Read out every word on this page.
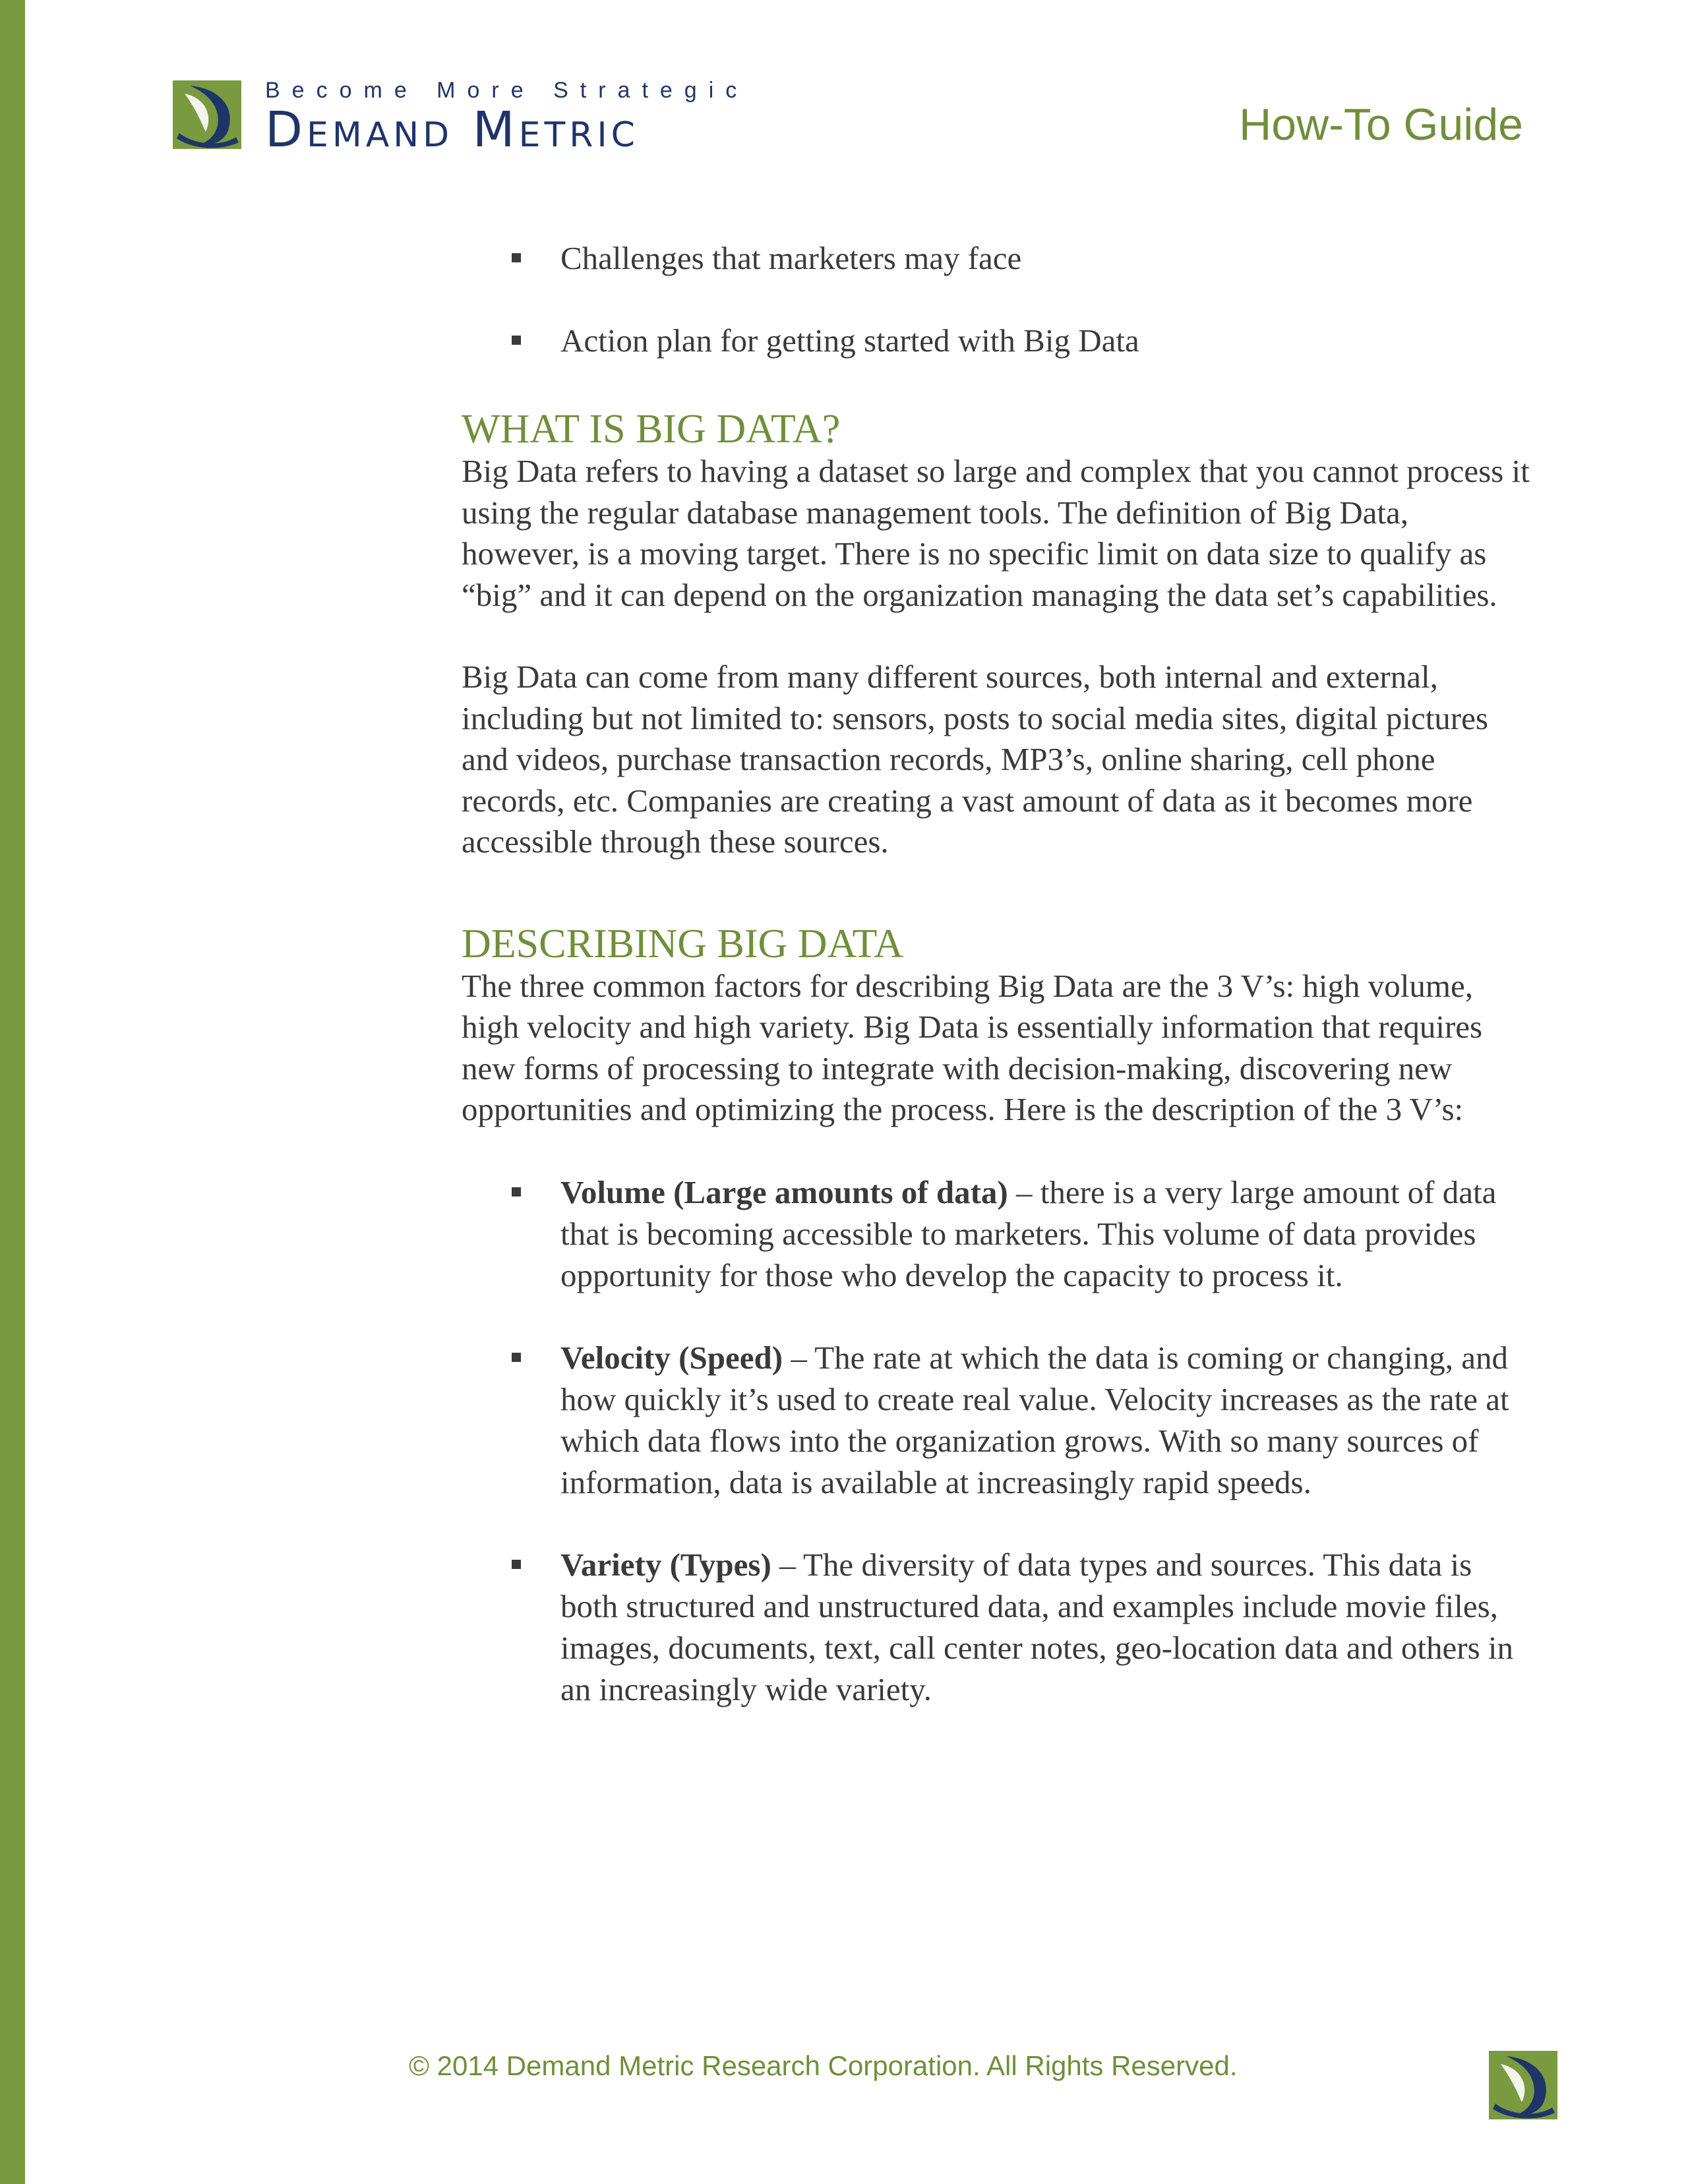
Become More Strategic
Demand Metric	How-To Guide
Challenges that marketers may face
Action plan for getting started with Big Data
WHAT IS BIG DATA?

Big Data refers to having a dataset so large and complex that you cannot process it using the regular database management tools. The definition of Big Data, however, is a moving target. There is no specific limit on data size to qualify as “big” and it can depend on the organization managing the data set’s capabilities.

Big Data can come from many different sources, both internal and external, including but not limited to: sensors, posts to social media sites, digital pictures and videos, purchase transaction records, MP3’s, online sharing, cell phone records, etc. Companies are creating a vast amount of data as it becomes more accessible through these sources.

DESCRIBING BIG DATA

The three common factors for describing Big Data are the 3 V’s: high volume, high velocity and high variety. Big Data is essentially information that requires new forms of processing to integrate with decision-making, discovering new opportunities and optimizing the process. Here is the description of the 3 V’s:

Volume (Large amounts of data) – there is a very large amount of data that is becoming accessible to marketers. This volume of data provides opportunity for those who develop the capacity to process it.
Velocity (Speed) – The rate at which the data is coming or changing, and how quickly it’s used to create real value. Velocity increases as the rate at which data flows into the organization grows. With so many sources of information, data is available at increasingly rapid speeds.
Variety (Types) – The diversity of data types and sources. This data is both structured and unstructured data, and examples include movie files, images, documents, text, call center notes, geo-location data and others in an increasingly wide variety.
© 2014 Demand Metric Research Corporation. All Rights Reserved.
